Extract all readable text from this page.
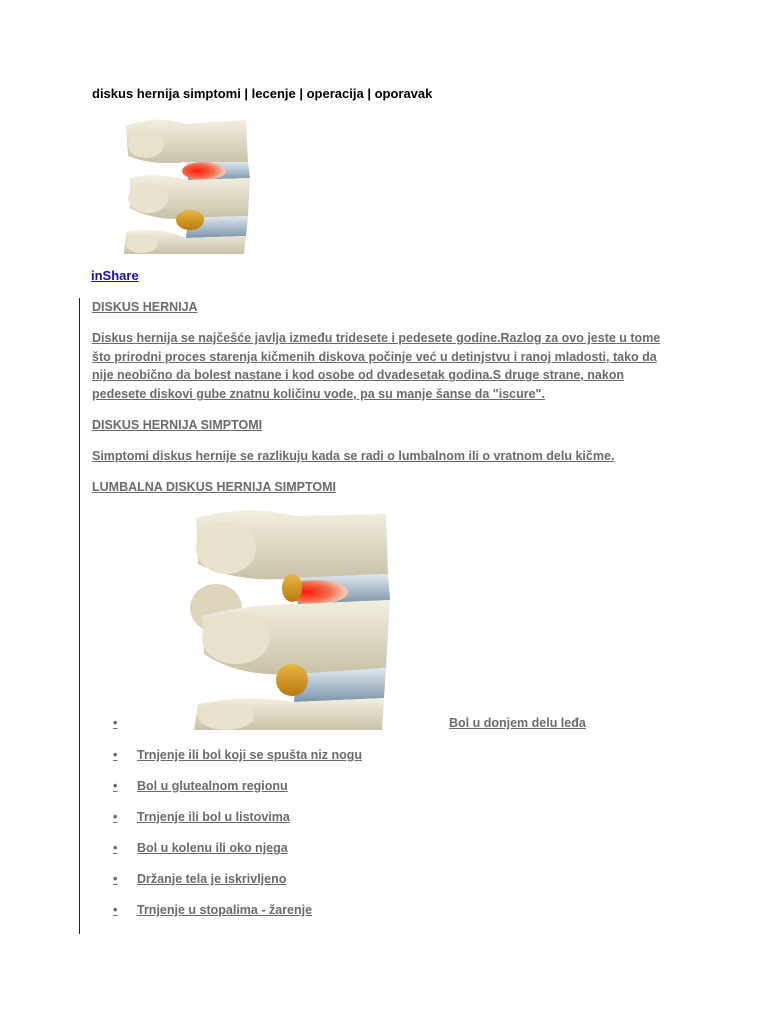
diskus hernija simptomi | lecenje | operacija | oporavak
inShare
DISKUS HERNIJA
Diskus hernija se najčešće javlja između tridesete i pedesete godine.Razlog za ovo jeste u tome što prirodni proces starenja kičmenih diskova počinje već u detinjstvu i ranoj mladosti, tako da nije neobično da bolest nastane i kod osobe od dvadesetak godina.S druge strane, nakon pedesete diskovi gube znatnu količinu vode, pa su manje šanse da "iscure".
DISKUS HERNIJA SIMPTOMI
Simptomi diskus hernije se razlikuju kada se radi o lumbalnom ili o vratnom delu kičme.
LUMBALNA DISKUS HERNIJA SIMPTOMI
•	Bol u donjem delu leđa
• Trnjenje ili bol koji se spušta niz nogu
• Bol u glutealnom regionu
• Trnjenje ili bol u listovima
• Bol u kolenu ili oko njega
• Držanje tela je iskrivljeno
• Trnjenje u stopalima - žarenje
